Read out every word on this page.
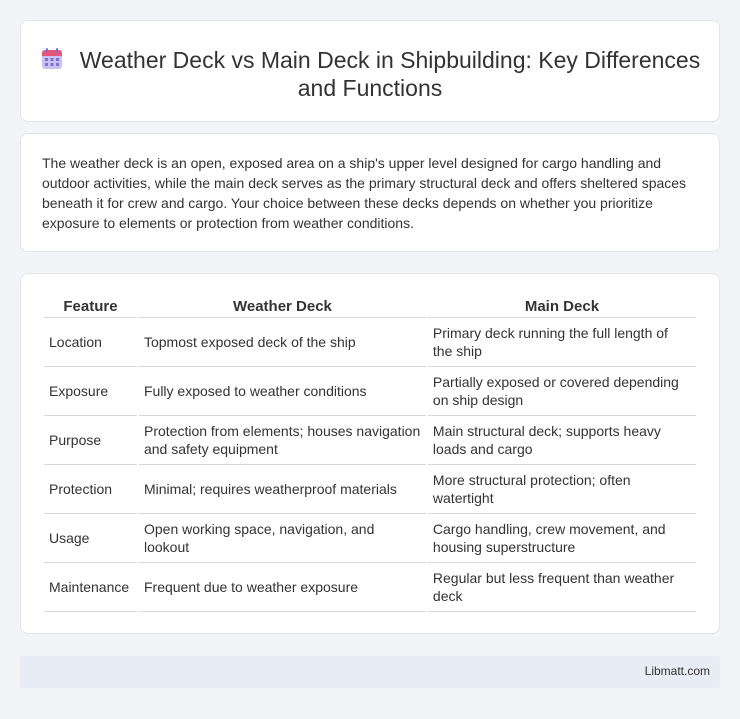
Weather Deck vs Main Deck in Shipbuilding: Key Differences and Functions

The weather deck is an open, exposed area on a ship's upper level designed for cargo handling and outdoor activities, while the main deck serves as the primary structural deck and offers sheltered spaces beneath it for crew and cargo. Your choice between these decks depends on whether you prioritize exposure to elements or protection from weather conditions.

Feature	Weather Deck	Main Deck
Location	Topmost exposed deck of the ship	Primary deck running the full length of the ship
Exposure	Fully exposed to weather conditions	Partially exposed or covered depending on ship design
Purpose	Protection from elements; houses navigation and safety equipment	Main structural deck; supports heavy loads and cargo
Protection	Minimal; requires weatherproof materials	More structural protection; often watertight
Usage	Open working space, navigation, and lookout	Cargo handling, crew movement, and housing superstructure
Maintenance	Frequent due to weather exposure	Regular but less frequent than weather deck
Libmatt.com
